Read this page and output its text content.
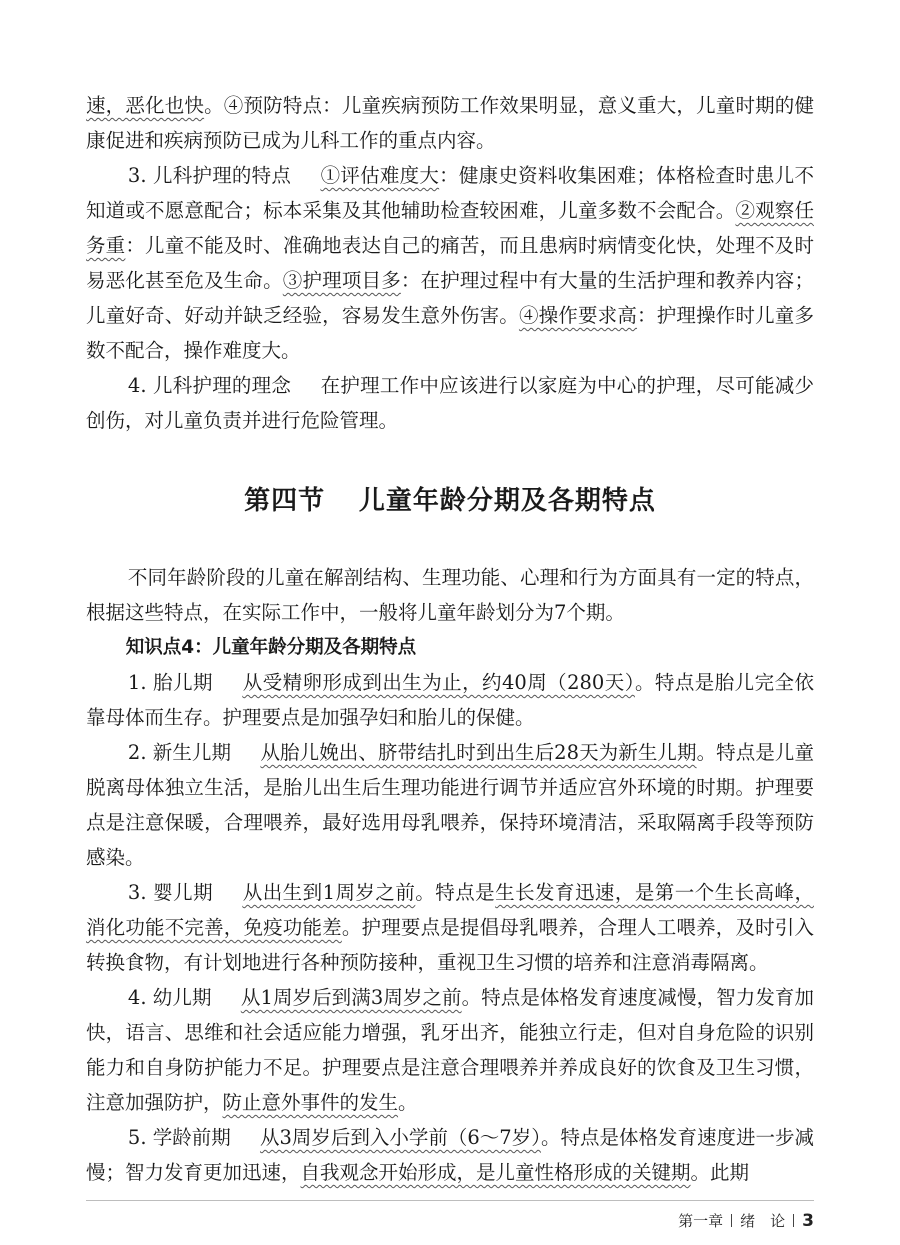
速，恶化也快。④预防特点：儿童疾病预防工作效果明显，意义重大，儿童时期的健康促进和疾病预防已成为儿科工作的重点内容。

3. 儿科护理的特点 ①评估难度大：健康史资料收集困难；体格检查时患儿不知道或不愿意配合；标本采集及其他辅助检查较困难，儿童多数不会配合。②观察任务重：儿童不能及时、准确地表达自己的痛苦，而且患病时病情变化快，处理不及时易恶化甚至危及生命。③护理项目多：在护理过程中有大量的生活护理和教养内容；儿童好奇、好动并缺乏经验，容易发生意外伤害。④操作要求高：护理操作时儿童多数不配合，操作难度大。

4. 儿科护理的理念 在护理工作中应该进行以家庭为中心的护理，尽可能减少创伤，对儿童负责并进行危险管理。

第四节 儿童年龄分期及各期特点

不同年龄阶段的儿童在解剖结构、生理功能、心理和行为方面具有一定的特点，根据这些特点，在实际工作中，一般将儿童年龄划分为7个期。

知识点4：儿童年龄分期及各期特点

1. 胎儿期 从受精卵形成到出生为止，约40周（280天）。特点是胎儿完全依靠母体而生存。护理要点是加强孕妇和胎儿的保健。

2. 新生儿期 从胎儿娩出、脐带结扎时到出生后28天为新生儿期。特点是儿童脱离母体独立生活，是胎儿出生后生理功能进行调节并适应宫外环境的时期。护理要点是注意保暖，合理喂养，最好选用母乳喂养，保持环境清洁，采取隔离手段等预防感染。

3. 婴儿期 从出生到1周岁之前。特点是生长发育迅速，是第一个生长高峰，消化功能不完善，免疫功能差。护理要点是提倡母乳喂养，合理人工喂养，及时引入转换食物，有计划地进行各种预防接种，重视卫生习惯的培养和注意消毒隔离。

4. 幼儿期 从1周岁后到满3周岁之前。特点是体格发育速度减慢，智力发育加快，语言、思维和社会适应能力增强，乳牙出齐，能独立行走，但对自身危险的识别能力和自身防护能力不足。护理要点是注意合理喂养并养成良好的饮食及卫生习惯，注意加强防护，防止意外事件的发生。

5. 学龄前期 从3周岁后到入小学前（6～7岁）。特点是体格发育速度进一步减慢；智力发育更加迅速，自我观念开始形成，是儿童性格形成的关键期。此期

第一章 绪　论 3
